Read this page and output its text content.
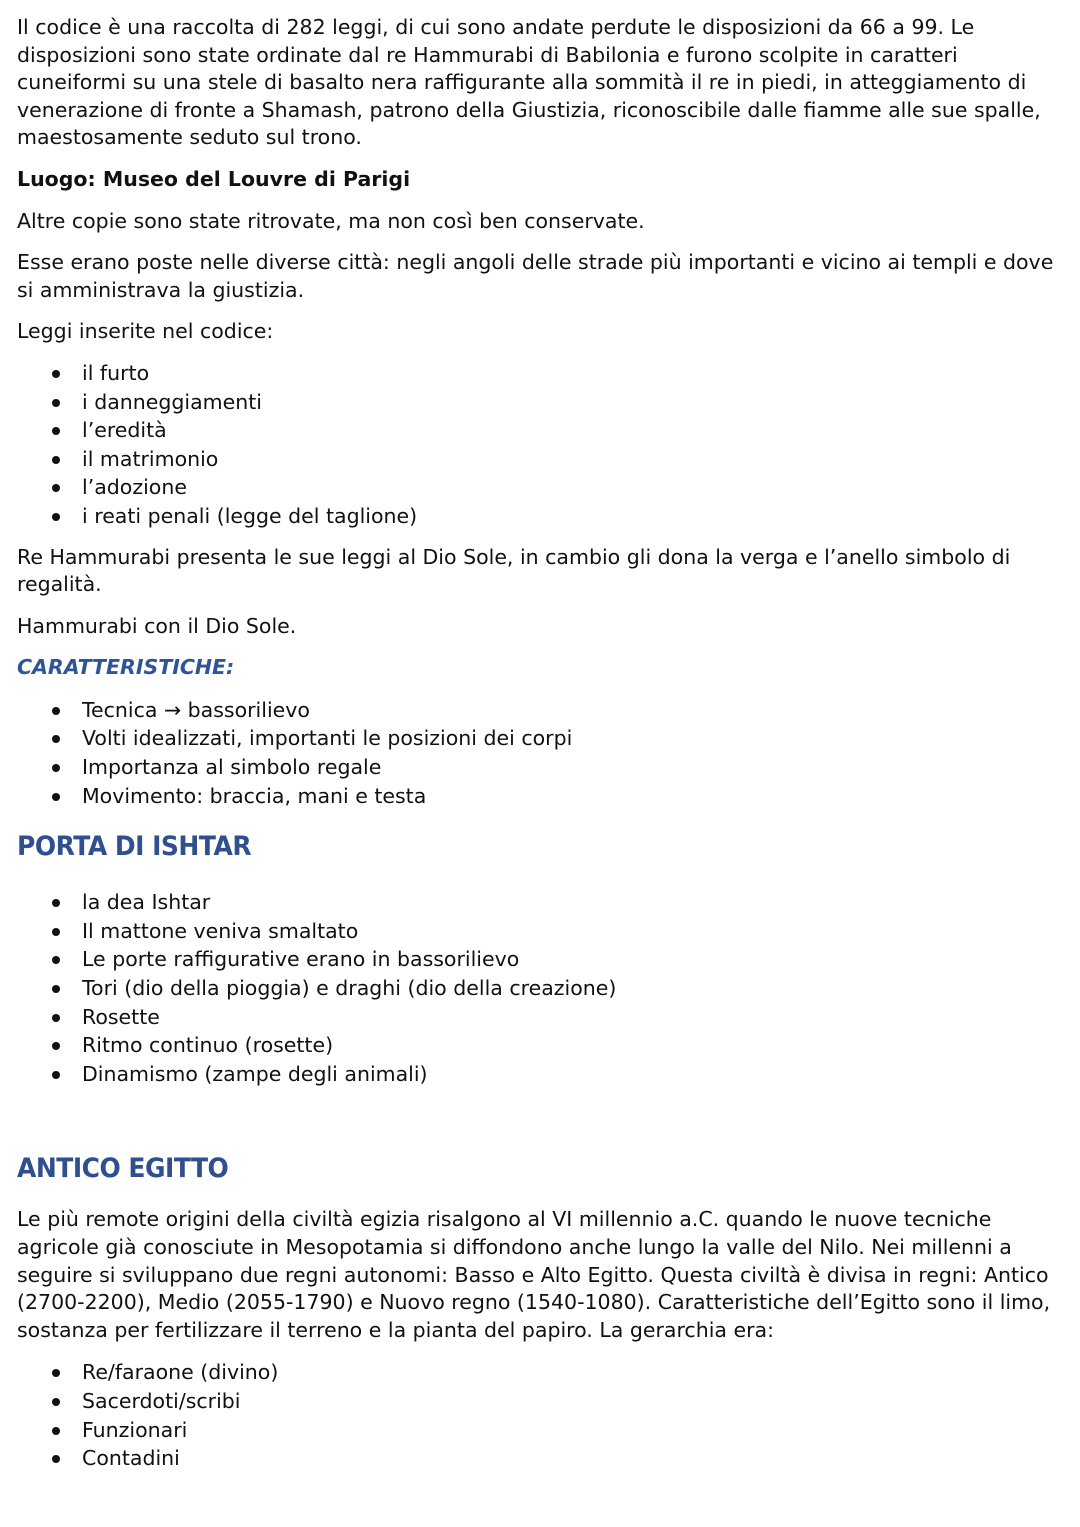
Il codice è una raccolta di 282 leggi, di cui sono andate perdute le disposizioni da 66 a 99. Le disposizioni sono state ordinate dal re Hammurabi di Babilonia e furono scolpite in caratteri cuneiformi su una stele di basalto nera raffigurante alla sommità il re in piedi, in atteggiamento di venerazione di fronte a Shamash, patrono della Giustizia, riconoscibile dalle fiamme alle sue spalle, maestosamente seduto sul trono.

Luogo: Museo del Louvre di Parigi

Altre copie sono state ritrovate, ma non così ben conservate.

Esse erano poste nelle diverse città: negli angoli delle strade più importanti e vicino ai templi e dove si amministrava la giustizia.

Leggi inserite nel codice:

il furto
i danneggiamenti
l’eredità
il matrimonio
l’adozione
i reati penali (legge del taglione)

Re Hammurabi presenta le sue leggi al Dio Sole, in cambio gli dona la verga e l’anello simbolo di regalità.

Hammurabi con il Dio Sole.

CARATTERISTICHE:

Tecnica → bassorilievo
Volti idealizzati, importanti le posizioni dei corpi
Importanza al simbolo regale
Movimento: braccia, mani e testa
PORTA DI ISHTAR
la dea Ishtar
Il mattone veniva smaltato
Le porte raffigurative erano in bassorilievo
Tori (dio della pioggia) e draghi (dio della creazione)
Rosette
Ritmo continuo (rosette)
Dinamismo (zampe degli animali)
ANTICO EGITTO

Le più remote origini della civiltà egizia risalgono al VI millennio a.C. quando le nuove tecniche agricole già conosciute in Mesopotamia si diffondono anche lungo la valle del Nilo. Nei millenni a seguire si sviluppano due regni autonomi: Basso e Alto Egitto. Questa civiltà è divisa in regni: Antico (2700-2200), Medio (2055-1790) e Nuovo regno (1540-1080). Caratteristiche dell’Egitto sono il limo, sostanza per fertilizzare il terreno e la pianta del papiro. La gerarchia era:

Re/faraone (divino)
Sacerdoti/scribi
Funzionari
Contadini
